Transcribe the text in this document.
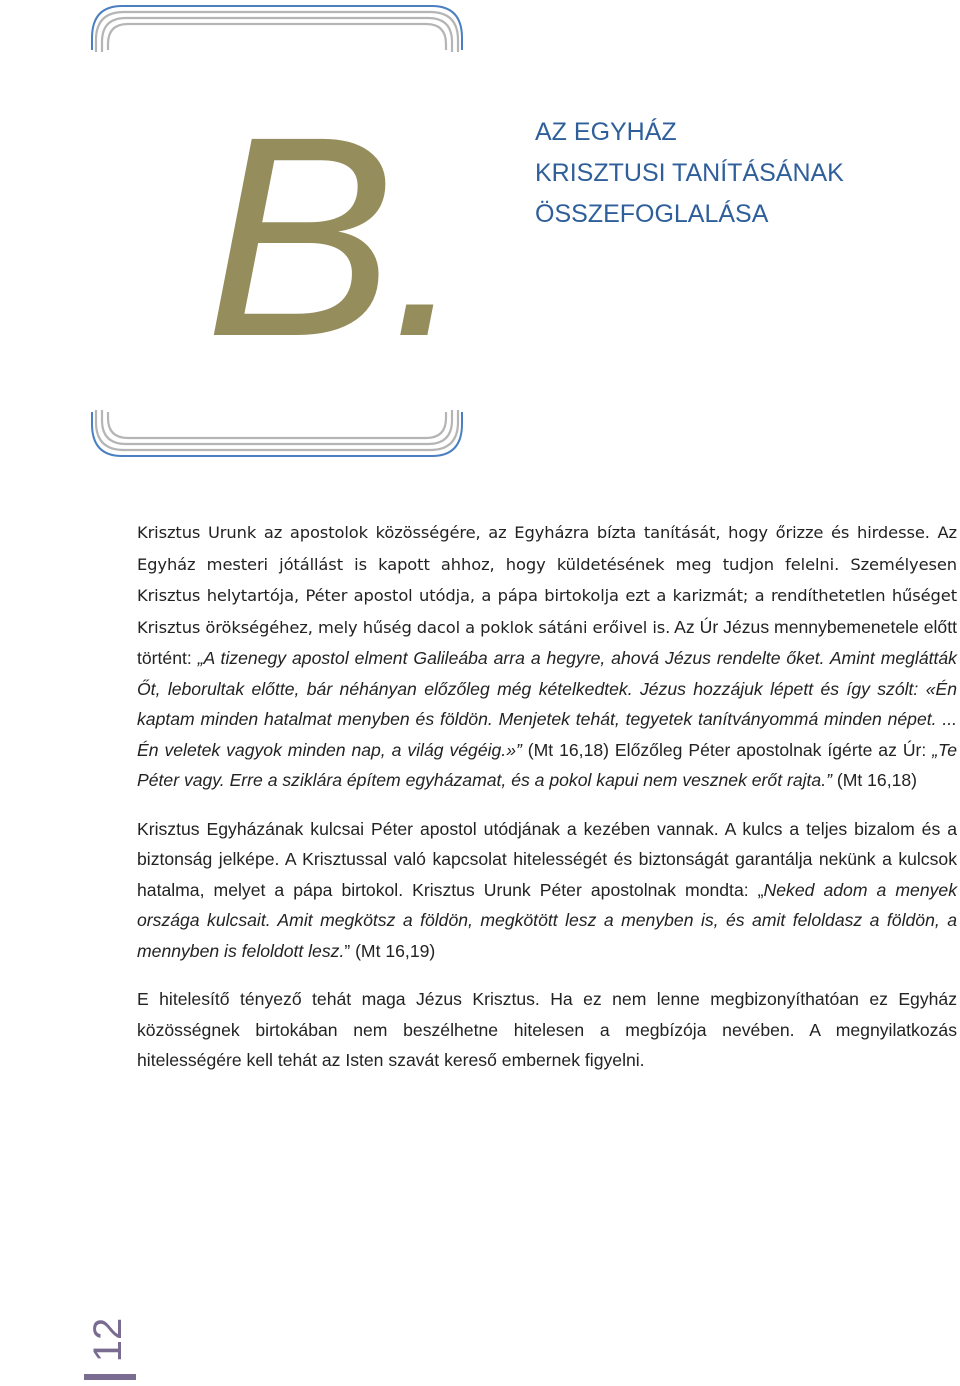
B.	AZ EGYHÁZ
KRISZTUSI TANÍTÁSÁNAK
ÖSSZEFOGLALÁSA

Krisztus Urunk az apostolok közösségére, az Egyházra bízta tanítását, hogy őrizze és hirdesse. Az Egyház mesteri jótállást is kapott ahhoz, hogy küldetésének meg tudjon felelni. Személyesen Krisztus helytartója, Péter apostol utódja, a pápa birtokolja ezt a karizmát; a rendíthetetlen hűséget Krisztus örökségéhez, mely hűség dacol a poklok sátáni erőivel is. Az Úr Jézus mennybemenetele előtt történt: „A tizenegy apostol elment Galileába arra a hegyre, ahová Jézus rendelte őket. Amint meglátták Őt, leborultak előtte, bár néhányan előzőleg még kételkedtek. Jézus hozzájuk lépett és így szólt: «Én kaptam minden hatalmat menyben és földön. Menjetek tehát, tegyetek tanítványommá minden népet. ... Én veletek vagyok minden nap, a világ végéig.»” (Mt 16,18) Előzőleg Péter apostolnak ígérte az Úr: „Te Péter vagy. Erre a sziklára építem egyházamat, és a pokol kapui nem vesznek erőt rajta.” (Mt 16,18)

Krisztus Egyházának kulcsai Péter apostol utódjának a kezében vannak. A kulcs a teljes bizalom és a biztonság jelképe. A Krisztussal való kapcsolat hitelességét és biztonságát garantálja nekünk a kulcsok hatalma, melyet a pápa birtokol. Krisztus Urunk Péter apostolnak mondta: „Neked adom a menyek országa kulcsait. Amit megkötsz a földön, megkötött lesz a menyben is, és amit feloldasz a földön, a mennyben is feloldott lesz.” (Mt 16,19)

E hitelesítő tényező tehát maga Jézus Krisztus. Ha ez nem lenne megbizonyíthatóan ez Egyház közösségnek birtokában nem beszélhetne hitelesen a megbízója nevében. A megnyilatkozás hitelességére kell tehát az Isten szavát kereső embernek figyelni.

12
